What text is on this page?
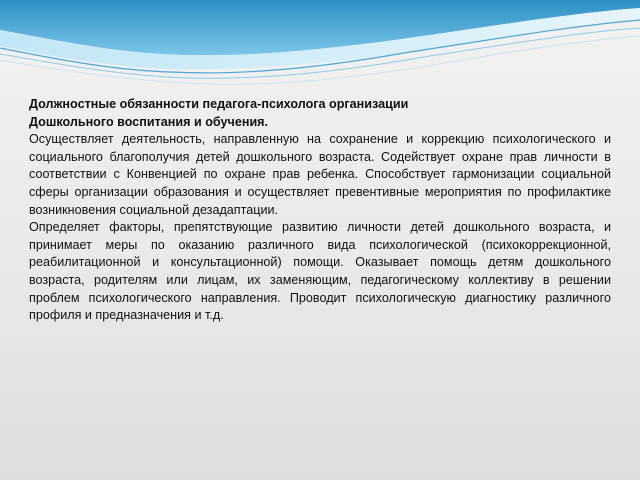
Должностные обязанности педагога-психолога организации
Дошкольного воспитания и обучения.

Осуществляет деятельность, направленную на сохранение и коррекцию психологического и социального благополучия детей дошкольного возраста. Содействует охране прав личности в соответствии с Конвенцией по охране прав ребенка. Способствует гармонизации социальной сферы организации образования и осуществляет превентивные мероприятия по профилактике возникновения социальной дезадаптации.

Определяет факторы, препятствующие развитию личности детей дошкольного возраста, и принимает меры по оказанию различного вида психологической (психокоррекционной, реабилитационной и консультационной) помощи. Оказывает помощь детям дошкольного возраста, родителям или лицам, их заменяющим, педагогическому коллективу в решении проблем психологического направления. Проводит психологическую диагностику различного профиля и предназначения и т.д.
